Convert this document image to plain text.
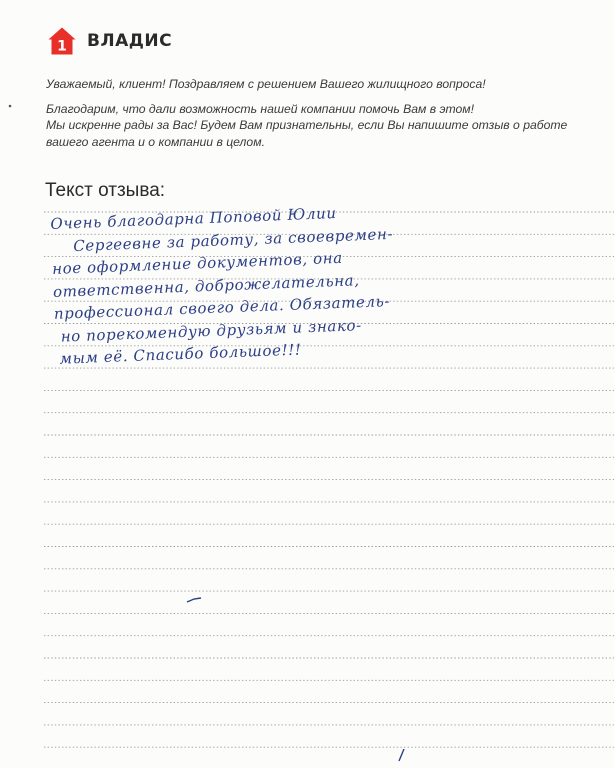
1 ВЛАДИС

Уважаемый, клиент! Поздравляем с решением Вашего жилищного вопроса!

Благодарим, что дали возможность нашей компании помочь Вам в этом!
Мы искренне рады за Вас! Будем Вам признательны, если Вы напишите отзыв о работе вашего агента и о компании в целом.

Текст отзыва:
Очень благодарна Поповой Юлии
Сергеевне за работу, за своевремен-
ное оформление документов, она
ответственна, доброжелательна,
профессионал своего дела. Обязатель-
но порекомендую друзьям и знако-
мым её. Спасибо большое!!!
